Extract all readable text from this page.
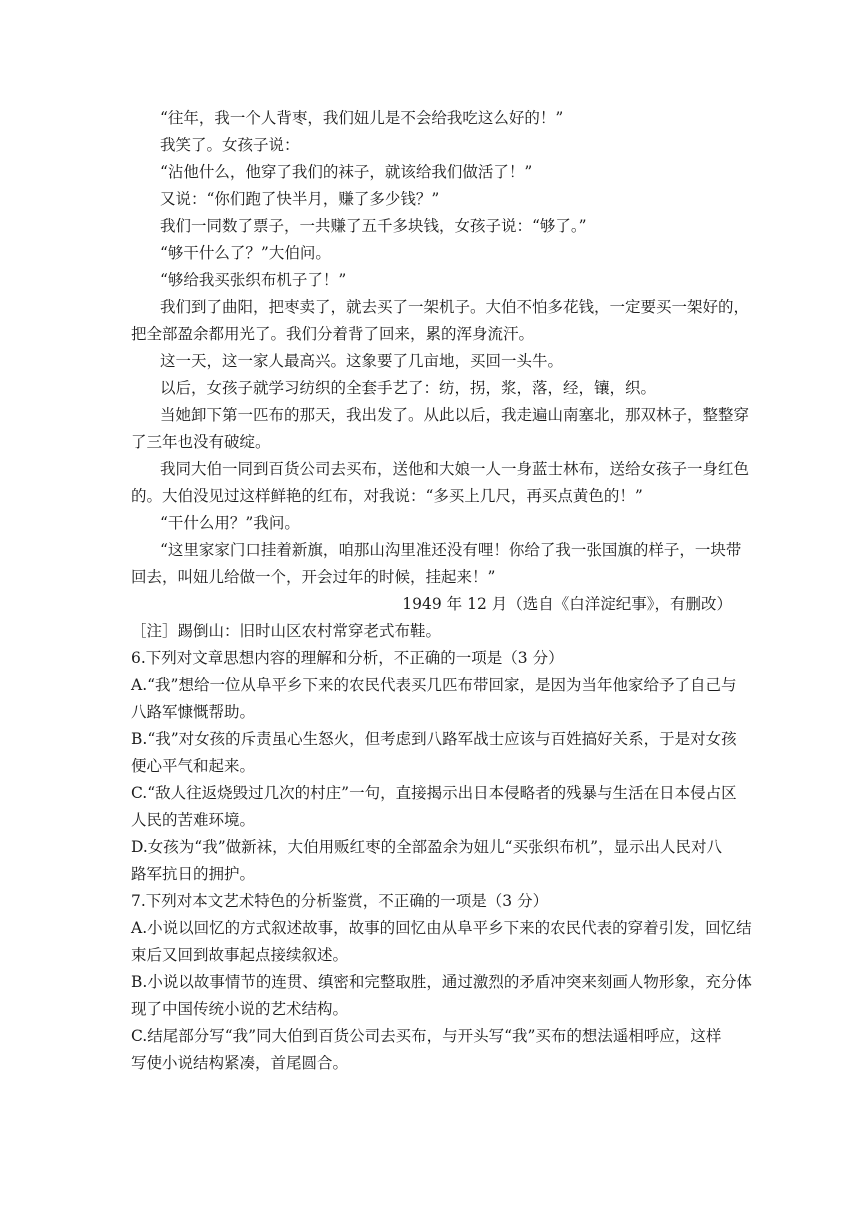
“往年，我一个人背枣，我们妞儿是不会给我吃这么好的！”
我笑了。女孩子说：
“沾他什么，他穿了我们的袜子，就该给我们做活了！”
又说：“你们跑了快半月，赚了多少钱？”
我们一同数了票子，一共赚了五千多块钱，女孩子说：“够了。”
“够干什么了？”大伯问。
“够给我买张织布机子了！”
我们到了曲阳，把枣卖了，就去买了一架机子。大伯不怕多花钱，一定要买一架好的，
把全部盈余都用光了。我们分着背了回来，累的浑身流汗。
这一天，这一家人最高兴。这象要了几亩地，买回一头牛。
以后，女孩子就学习纺织的全套手艺了：纺，拐，浆，落，经，镶，织。
当她卸下第一匹布的那天，我出发了。从此以后，我走遍山南塞北，那双林子，整整穿
了三年也没有破绽。
我同大伯一同到百货公司去买布，送他和大娘一人一身蓝士林布，送给女孩子一身红色
的。大伯没见过这样鲜艳的红布，对我说：“多买上几尺，再买点黄色的！”
“干什么用？”我问。
“这里家家门口挂着新旗，咱那山沟里准还没有哩！你给了我一张国旗的样子，一块带
回去，叫妞儿给做一个，开会过年的时候，挂起来！”
1949 年 12 月（选自《白洋淀纪事》，有删改）
［注］踢倒山：旧时山区农村常穿老式布鞋。
6.下列对文章思想内容的理解和分析，不正确的一项是（3 分）
A.“我”想给一位从阜平乡下来的农民代表买几匹布带回家，是因为当年他家给予了自己与
八路军慷慨帮助。
B.“我”对女孩的斥责虽心生怒火，但考虑到八路军战士应该与百姓搞好关系，于是对女孩
便心平气和起来。
C.“敌人往返烧毁过几次的村庄”一句，直接揭示出日本侵略者的残暴与生活在日本侵占区
人民的苦难环境。
D.女孩为“我”做新袜，大伯用贩红枣的全部盈余为妞儿“买张织布机”，显示出人民对八
路军抗日的拥护。
7.下列对本文艺术特色的分析鉴赏，不正确的一项是（3 分）
A.小说以回忆的方式叙述故事，故事的回忆由从阜平乡下来的农民代表的穿着引发，回忆结
束后又回到故事起点接续叙述。
B.小说以故事情节的连贯、缜密和完整取胜，通过激烈的矛盾冲突来刻画人物形象，充分体
现了中国传统小说的艺术结构。
C.结尾部分写“我”同大伯到百货公司去买布，与开头写“我”买布的想法遥相呼应，这样
写使小说结构紧凑，首尾圆合。
